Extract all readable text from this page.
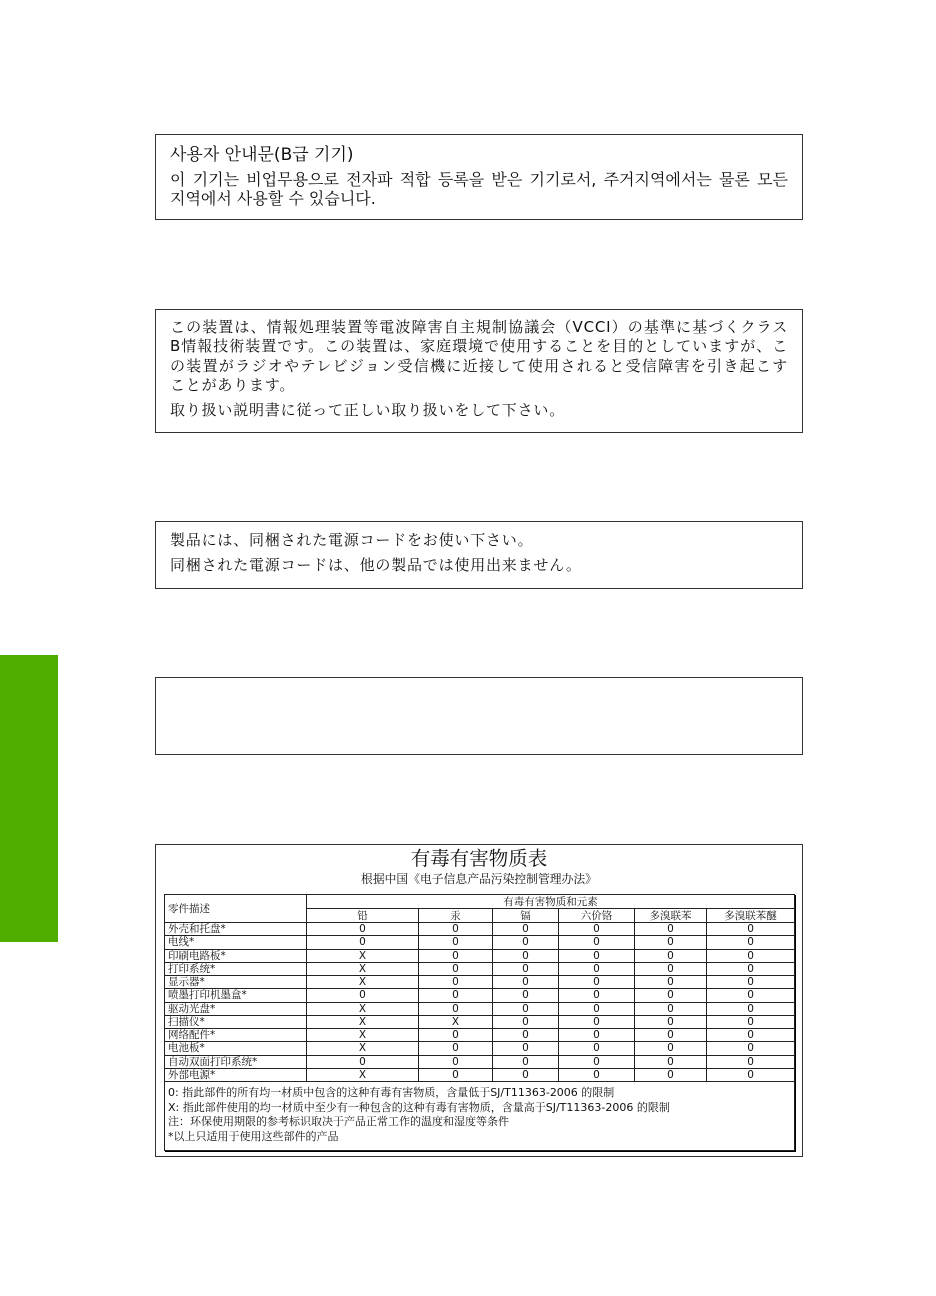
사용자 안내문(B급 기기)
이 기기는 비업무용으로 전자파 적합 등록을 받은 기기로서, 주거지역에서는 물론 모든
지역에서 사용할 수 있습니다.
この装置は、情報処理装置等電波障害自主規制協議会（VCCI）の基準に基づくクラス
B情報技術装置です。この装置は、家庭環境で使用することを目的としていますが、こ
の装置がラジオやテレビジョン受信機に近接して使用されると受信障害を引き起こす
ことがあります。
取り扱い説明書に従って正しい取り扱いをして下さい。
製品には、同梱された電源コードをお使い下さい。
同梱された電源コードは、他の製品では使用出来ません。
有毒有害物质表
根据中国《电子信息产品污染控制管理办法》
零件描述	有毒有害物质和元素					
	铅	汞	镉	六价铬	多溴联苯	多溴联苯醚
外壳和托盘*	0	0	0	0	0	0
电线*	0	0	0	0	0	0
印刷电路板*	X	0	0	0	0	0
打印系统*	X	0	0	0	0	0
显示器*	X	0	0	0	0	0
喷墨打印机墨盒*	0	0	0	0	0	0
驱动光盘*	X	0	0	0	0	0
扫描仪*	X	X	0	0	0	0
网络配件*	X	0	0	0	0	0
电池板*	X	0	0	0	0	0
自动双面打印系统*	0	0	0	0	0	0
外部电源*	X	0	0	0	0	0

0: 指此部件的所有均一材质中包含的这种有毒有害物质，含量低于SJ/T11363-2006 的限制
X: 指此部件使用的均一材质中至少有一种包含的这种有毒有害物质，含量高于SJ/T11363-2006 的限制
注：环保使用期限的参考标识取决于产品正常工作的温度和湿度等条件
*以上只适用于使用这些部件的产品						
